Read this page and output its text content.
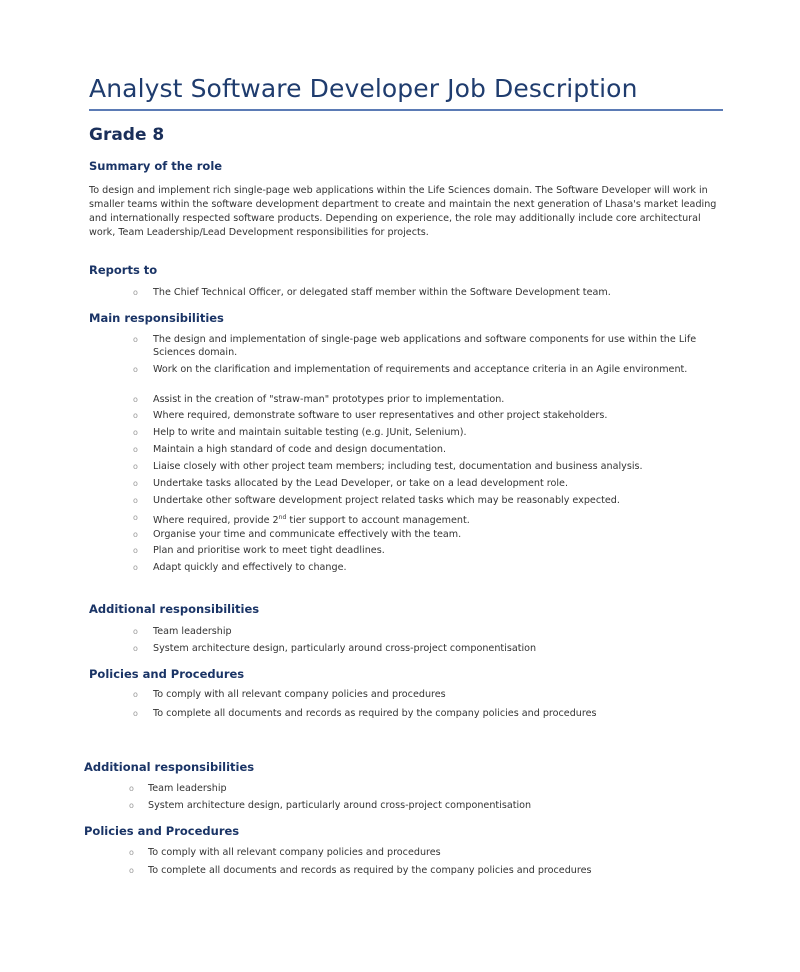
Analyst Software Developer Job Description
Grade 8
Summary of the role
To design and implement rich single-page web applications within the Life Sciences domain. The Software Developer will work in smaller teams within the software development department to create and maintain the next generation of Lhasa's market leading and internationally respected software products. Depending on experience, the role may additionally include core architectural work, Team Leadership/Lead Development responsibilities for projects.
Reports to
o The Chief Technical Officer, or delegated staff member within the Software Development team.
Main responsibilities
o The design and implementation of single-page web applications and software components for use within the Life Sciences domain.
o Work on the clarification and implementation of requirements and acceptance criteria in an Agile environment.
o Assist in the creation of "straw-man" prototypes prior to implementation.
o Where required, demonstrate software to user representatives and other project stakeholders.
o Help to write and maintain suitable testing (e.g. JUnit, Selenium).
o Maintain a high standard of code and design documentation.
o Liaise closely with other project team members; including test, documentation and business analysis.
o Undertake tasks allocated by the Lead Developer, or take on a lead development role.
o Undertake other software development project related tasks which may be reasonably expected.
o Where required, provide 2nd tier support to account management.
o Organise your time and communicate effectively with the team.
o Plan and prioritise work to meet tight deadlines.
o Adapt quickly and effectively to change.
Additional responsibilities
o Team leadership
o System architecture design, particularly around cross-project componentisation
Policies and Procedures
o To comply with all relevant company policies and procedures
o To complete all documents and records as required by the company policies and procedures
Additional responsibilities
o Team leadership
o System architecture design, particularly around cross-project componentisation
Policies and Procedures
o To comply with all relevant company policies and procedures
o To complete all documents and records as required by the company policies and procedures
